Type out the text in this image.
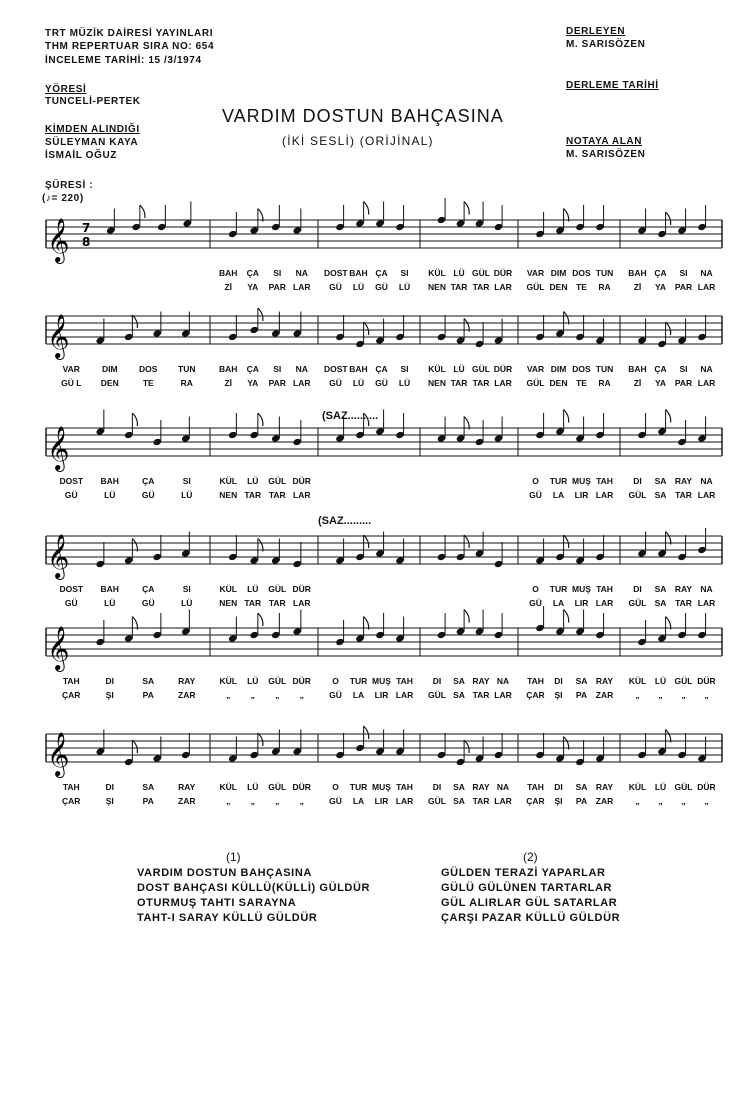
TRT MÜZİK DAİRESİ YAYINLARI
THM REPERTUAR SIRA NO: 654
İNCELEME TARİHİ: 15 /3/1974
YÖRESİ
TUNCELİ-PERTEK
KİMDEN ALINDIĞI
SÜLEYMAN KAYA
İSMAİL OĞUZ
ŞÜRESİ :
(♪= 220)
DERLEYEN
M. SARISÖZEN
DERLEME TARİHİ
NOTAYA ALAN
M. SARISÖZEN
VARDIM DOSTUN BAHÇASINA
(İKİ SESLİ) (ORİJİNAL)
𝄞 7
8
𝄞
𝄞
𝄞
𝄞
𝄞
BAH	ÇA	SI	NA
Zİ	YA	PAR LAR
DOST BAH ÇA	SI
GÜ	LÜ	GÜ	LÜ
KÜL LÜ GÜL DÜR
NEN TAR TAR LAR
VAR DIM DOS TUN
GÜL DEN	TE	RA
BAH ÇA	SI	NA
Zİ	YA	PAR LAR
VAR	DIM	DOS	TUN
GÜ L	DEN	TE	RA
BAH	ÇA	SI	NA
Zİ	YA	PAR LAR
DOST BAH ÇA	SI
GÜ	LÜ	GÜ	LÜ
KÜL LÜ GÜL DÜR
NEN TAR TAR LAR
VAR DIM DOS TUN
GÜL DEN	TE	RA
BAH ÇA	SI	NA
Zİ	YA	PAR LAR
DOST	BAH	ÇA	SI
GÜ	LÜ	GÜ	LÜ
KÜL	LÜ	GÜL DÜR
NEN TAR TAR LAR
O	TUR MUŞ TAH
GÜ	LA	LIR LAR
DI	SA	RAY NA
GÜL SA	TAR LAR
DOST	BAH	ÇA	SI
GÜ	LÜ	GÜ	LÜ
KÜL	LÜ	GÜL DÜR
NEN TAR TAR LAR
O	TUR MUŞ TAH
GÜ	LA	LIR LAR
DI	SA	RAY NA
GÜL SA	TAR LAR
TAH	DI	SA	RAY
ÇAR	ŞI	PA	ZAR
KÜL	LÜ	GÜL DÜR
„	„	„	„
O	TUR MUŞ TAH
GÜ	LA	LIR LAR
DI	SA RAY NA
GÜL SA TAR LAR
TAH	DI	SA	RAY
ÇAR	ŞI	PA	ZAR
KÜL	LÜ GÜL DÜR
„	„	„	„
TAH	DI	SA	RAY
ÇAR	ŞI	PA	ZAR
KÜL	LÜ	GÜL DÜR
„	„	„	„
O	TUR MUŞ TAH
GÜ	LA	LIR LAR
DI	SA RAY NA
GÜL SA TAR LAR
TAH	DI	SA	RAY
ÇAR	ŞI	PA	ZAR
KÜL	LÜ GÜL DÜR
„	„	„	„
(SAZ..........
(SAZ.........
(1)
VARDIM DOSTUN BAHÇASINA
DOST BAHÇASI KÜLLÜ(KÜLLİ) GÜLDÜR
OTURMUŞ TAHTI SARAYNA
TAHT-I SARAY KÜLLÜ GÜLDÜR
(2)
GÜLDEN TERAZİ YAPARLAR
GÜLÜ GÜLÜNEN TARTARLAR
GÜL ALIRLAR GÜL SATARLAR
ÇARŞI PAZAR KÜLLÜ GÜLDÜR
